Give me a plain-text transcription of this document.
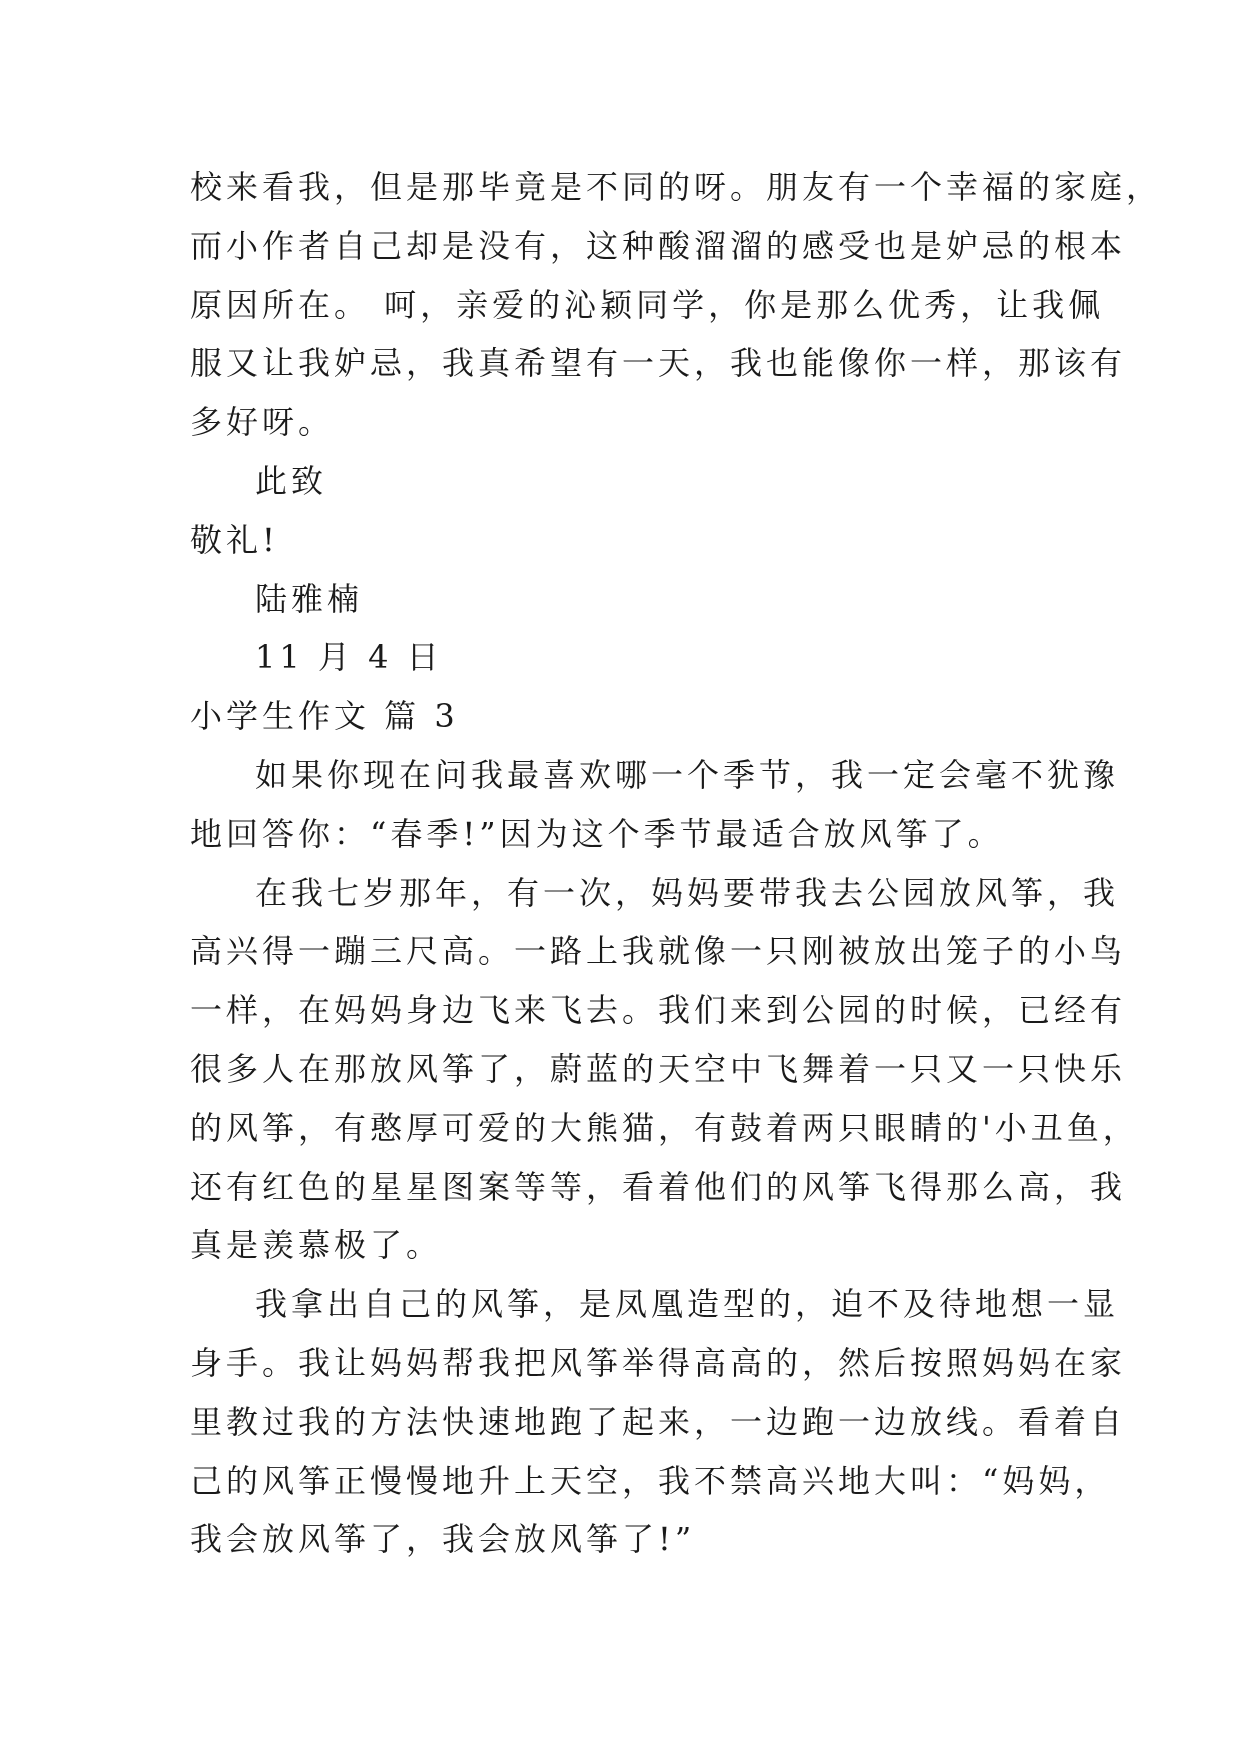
校来看我，但是那毕竟是不同的呀。朋友有一个幸福的家庭，
而小作者自己却是没有，这种酸溜溜的感受也是妒忌的根本
原因所在。 呵，亲爱的沁颖同学，你是那么优秀，让我佩
服又让我妒忌，我真希望有一天，我也能像你一样，那该有
多好呀。
此致
敬礼!
陆雅楠
11 月 4 日
小学生作文 篇 3
如果你现在问我最喜欢哪一个季节，我一定会毫不犹豫
地回答你：“春季!”因为这个季节最适合放风筝了。
在我七岁那年，有一次，妈妈要带我去公园放风筝，我
高兴得一蹦三尺高。一路上我就像一只刚被放出笼子的小鸟
一样，在妈妈身边飞来飞去。我们来到公园的时候，已经有
很多人在那放风筝了，蔚蓝的天空中飞舞着一只又一只快乐
的风筝，有憨厚可爱的大熊猫，有鼓着两只眼睛的'小丑鱼，
还有红色的星星图案等等，看着他们的风筝飞得那么高，我
真是羡慕极了。
我拿出自己的风筝，是凤凰造型的，迫不及待地想一显
身手。我让妈妈帮我把风筝举得高高的，然后按照妈妈在家
里教过我的方法快速地跑了起来，一边跑一边放线。看着自
己的风筝正慢慢地升上天空，我不禁高兴地大叫：“妈妈，
我会放风筝了，我会放风筝了!”
